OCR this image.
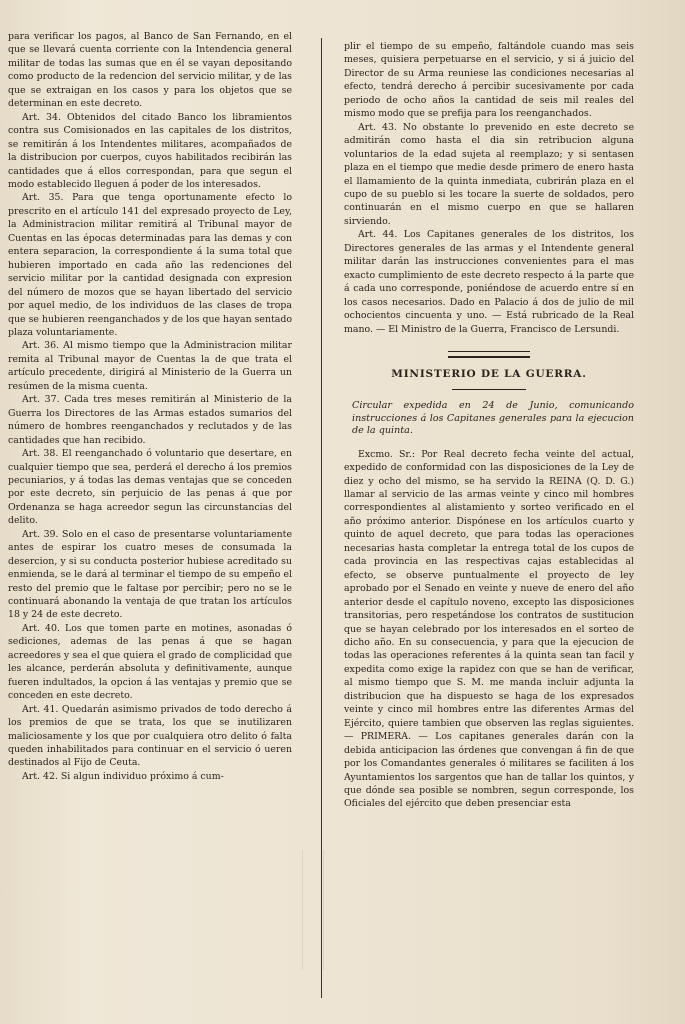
para verificar los pagos, al Banco de San Fernando, en el que se llevará cuenta corriente con la Intendencia general militar de todas las sumas que en él se vayan depositando como producto de la redencion del servicio militar, y de las que se extraigan en los casos y para los objetos que se determinan en este decreto.

Art. 34. Obtenidos del citado Banco los libramientos contra sus Comisionados en las capitales de los distritos, se remitirán á los Intendentes militares, acompañados de la distribucion por cuerpos, cuyos habilitados recibirán las cantidades que á ellos correspondan, para que segun el modo establecido lleguen á poder de los interesados.

Art. 35. Para que tenga oportunamente efecto lo prescrito en el artículo 141 del expresado proyecto de Ley, la Administracion militar remitirá al Tribunal mayor de Cuentas en las épocas determinadas para las demas y con entera separacion, la correspondiente á la suma total que hubieren importado en cada año las redenciones del servicio militar por la cantidad designada con expresion del número de mozos que se hayan libertado del servicio por aquel medio, de los individuos de las clases de tropa que se hubieren reenganchados y de los que hayan sentado plaza voluntariamente.

Art. 36. Al mismo tiempo que la Administracion militar remita al Tribunal mayor de Cuentas la de que trata el artículo precedente, dirigirá al Ministerio de la Guerra un resúmen de la misma cuenta.

Art. 37. Cada tres meses remitirán al Ministerio de la Guerra los Directores de las Armas estados sumarios del número de hombres reenganchados y reclutados y de las cantidades que han recibido.

Art. 38. El reenganchado ó voluntario que desertare, en cualquier tiempo que sea, perderá el derecho á los premios pecuniarios, y á todas las demas ventajas que se conceden por este decreto, sin perjuicio de las penas á que por Ordenanza se haga acreedor segun las circunstancias del delito.

Art. 39. Solo en el caso de presentarse voluntariamente antes de espirar los cuatro meses de consumada la desercion, y si su conducta posterior hubiese acreditado su enmienda, se le dará al terminar el tiempo de su empeño el resto del premio que le faltase por percibir; pero no se le continuará abonando la ventaja de que tratan los artículos 18 y 24 de este decreto.

Art. 40. Los que tomen parte en motines, asonadas ó sediciones, ademas de las penas á que se hagan acreedores y sea el que quiera el grado de complicidad que les alcance, perderán absoluta y definitivamente, aunque fueren indultados, la opcion á las ventajas y premio que se conceden en este decreto.

Art. 41. Quedarán asimismo privados de todo derecho á los premios de que se trata, los que se inutilizaren maliciosamente y los que por cualquiera otro delito ó falta queden inhabilitados para continuar en el servicio ó ueren destinados al Fijo de Ceuta.

Art. 42. Si algun individuo próximo á cum-

plir el tiempo de su empeño, faltándole cuando mas seis meses, quisiera perpetuarse en el servicio, y si á juicio del Director de su Arma reuniese las condiciones necesarias al efecto, tendrá derecho á percibir sucesivamente por cada periodo de ocho años la cantidad de seis mil reales del mismo modo que se prefija para los reenganchados.

Art. 43. No obstante lo prevenido en este decreto se admitirán como hasta el dia sin retribucion alguna voluntarios de la edad sujeta al reemplazo; y si sentasen plaza en el tiempo que medie desde primero de enero hasta el llamamiento de la quinta inmediata, cubrirán plaza en el cupo de su pueblo si les tocare la suerte de soldados, pero continuarán en el mismo cuerpo en que se hallaren sirviendo.

Art. 44. Los Capitanes generales de los distritos, los Directores generales de las armas y el Intendente general militar darán las instrucciones convenientes para el mas exacto cumplimiento de este decreto respecto á la parte que á cada uno corresponde, poniéndose de acuerdo entre sí en los casos necesarios. Dado en Palacio á dos de julio de mil ochocientos cincuenta y uno. — Está rubricado de la Real mano. — El Ministro de la Guerra, Francisco de Lersundi.

MINISTERIO DE LA GUERRA.

Circular expedida en 24 de Junio, comunicando instrucciones á los Capitanes generales para la ejecucion de la quinta.

Excmo. Sr.: Por Real decreto fecha veinte del actual, expedido de conformidad con las disposiciones de la Ley de diez y ocho del mismo, se ha servido la REINA (Q. D. G.) llamar al servicio de las armas veinte y cinco mil hombres correspondientes al alistamiento y sorteo verificado en el año próximo anterior. Dispónese en los artículos cuarto y quinto de aquel decreto, que para todas las operaciones necesarias hasta completar la entrega total de los cupos de cada provincia en las respectivas cajas establecidas al efecto, se observe puntualmente el proyecto de ley aprobado por el Senado en veinte y nueve de enero del año anterior desde el capítulo noveno, excepto las disposiciones transitorias, pero respetándose los contratos de sustitucion que se hayan celebrado por los interesados en el sorteo de dicho año. En su consecuencia, y para que la ejecucion de todas las operaciones referentes á la quinta sean tan facil y expedita como exige la rapidez con que se han de verificar, al mismo tiempo que S. M. me manda incluir adjunta la distribucion que ha dispuesto se haga de los expresados veinte y cinco mil hombres entre las diferentes Armas del Ejército, quiere tambien que observen las reglas siguientes. — PRIMERA. — Los capitanes generales darán con la debida anticipacion las órdenes que convengan á fin de que por los Comandantes generales ó militares se faciliten á los Ayuntamientos los sargentos que han de tallar los quintos, y que dónde sea posible se nombren, segun corresponde, los Oficiales del ejército que deben presenciar esta
